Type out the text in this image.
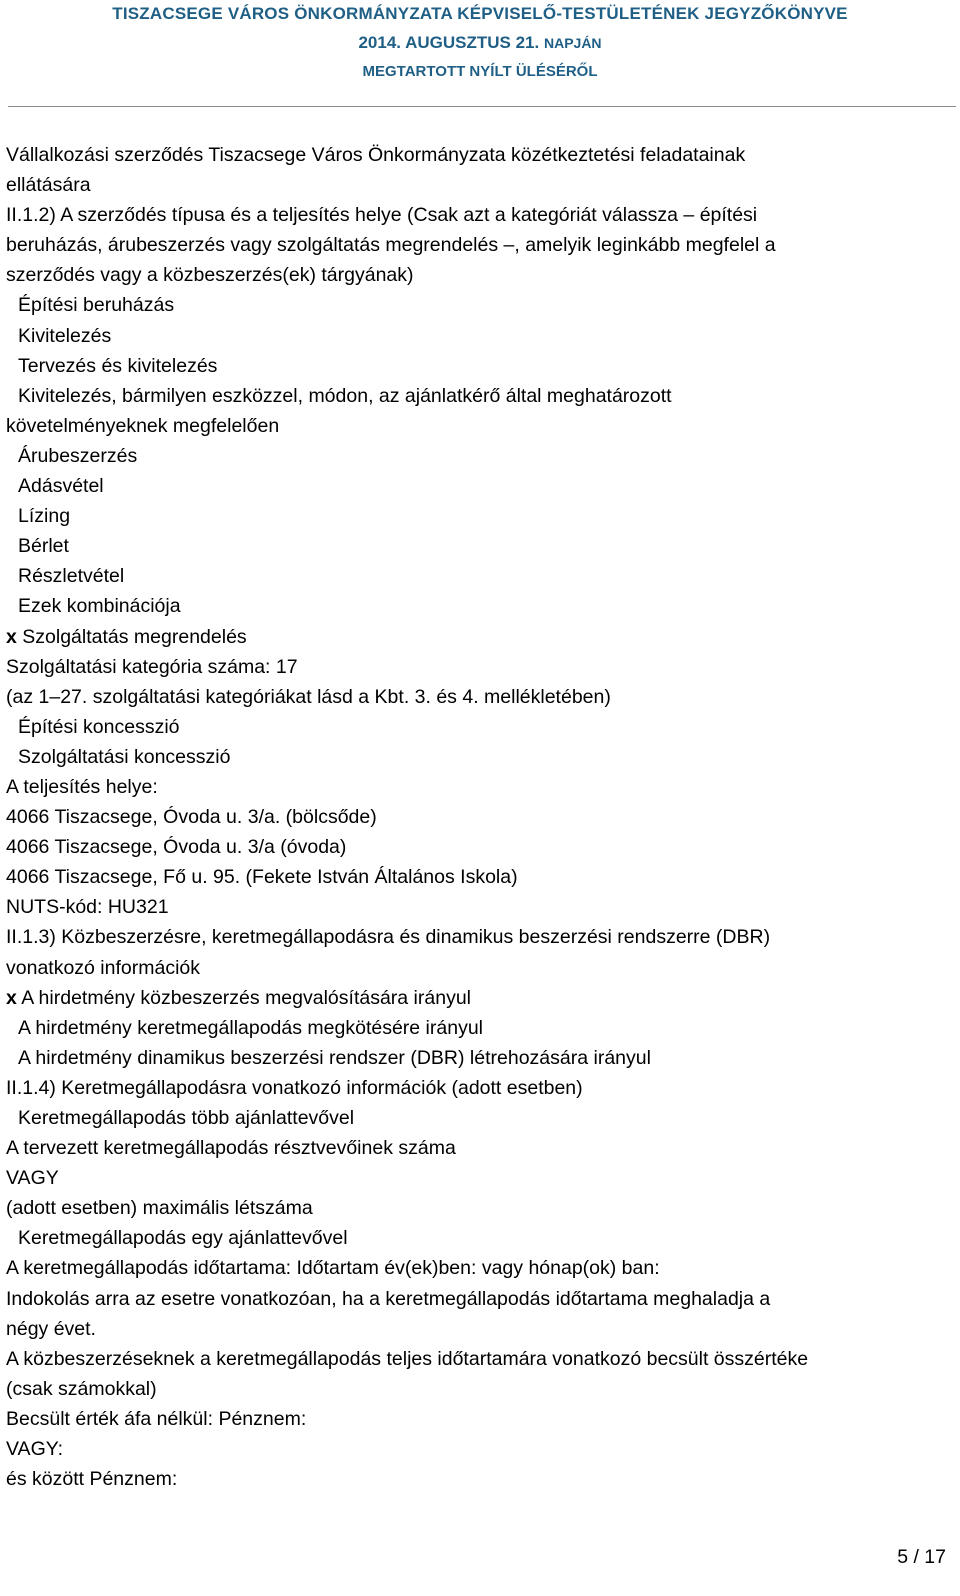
TISZACSEGE VÁROS ÖNKORMÁNYZATA KÉPVISELŐ-TESTÜLETÉNEK JEGYZŐKÖNYVE
2014. AUGUSZTUS 21. NAPJÁN
MEGTARTOTT NYÍLT ÜLÉSÉRŐL
Vállalkozási szerződés Tiszacsege Város Önkormányzata közétkeztetési feladatainak
ellátására
II.1.2) A szerződés típusa és a teljesítés helye (Csak azt a kategóriát válassza – építési
beruházás, árubeszerzés vagy szolgáltatás megrendelés –, amelyik leginkább megfelel a
szerződés vagy a közbeszerzés(ek) tárgyának)
Építési beruházás
Kivitelezés
Tervezés és kivitelezés
Kivitelezés, bármilyen eszközzel, módon, az ajánlatkérő által meghatározott
követelményeknek megfelelően
Árubeszerzés
Adásvétel
Lízing
Bérlet
Részletvétel
Ezek kombinációja
x Szolgáltatás megrendelés
Szolgáltatási kategória száma: 17
(az 1–27. szolgáltatási kategóriákat lásd a Kbt. 3. és 4. mellékletében)
Építési koncesszió
Szolgáltatási koncesszió
A teljesítés helye:
4066 Tiszacsege, Óvoda u. 3/a. (bölcsőde)
4066 Tiszacsege, Óvoda u. 3/a (óvoda)
4066 Tiszacsege, Fő u. 95. (Fekete István Általános Iskola)
NUTS-kód: HU321
II.1.3) Közbeszerzésre, keretmegállapodásra és dinamikus beszerzési rendszerre (DBR)
vonatkozó információk
x A hirdetmény közbeszerzés megvalósítására irányul
A hirdetmény keretmegállapodás megkötésére irányul
A hirdetmény dinamikus beszerzési rendszer (DBR) létrehozására irányul
II.1.4) Keretmegállapodásra vonatkozó információk (adott esetben)
Keretmegállapodás több ajánlattevővel
A tervezett keretmegállapodás résztvevőinek száma
VAGY
(adott esetben) maximális létszáma
Keretmegállapodás egy ajánlattevővel
A keretmegállapodás időtartama: Időtartam év(ek)ben: vagy hónap(ok) ban:
Indokolás arra az esetre vonatkozóan, ha a keretmegállapodás időtartama meghaladja a
négy évet.
A közbeszerzéseknek a keretmegállapodás teljes időtartamára vonatkozó becsült összértéke
(csak számokkal)
Becsült érték áfa nélkül: Pénznem:
VAGY:
és között Pénznem:
5 / 17
